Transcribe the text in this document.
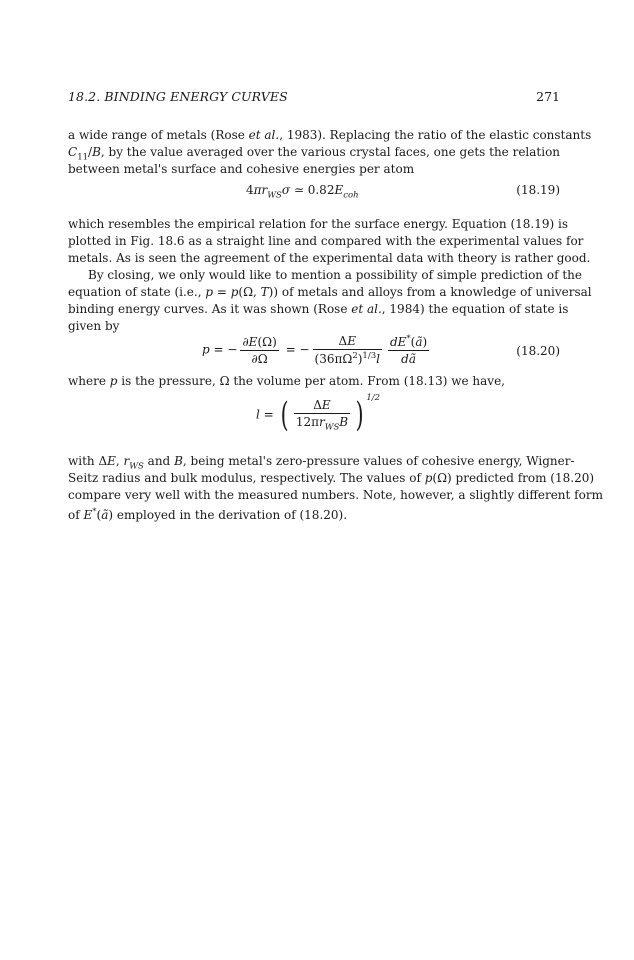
18.2. BINDING ENERGY CURVES	271
a wide range of metals (Rose et al., 1983). Replacing the ratio of the elastic constants
$C_{11}/B$, by the value averaged over the various crystal faces, one gets the relation
between metal's surface and cohesive energies per atom
$4\pi r_{WS}\sigma$ ≃ $0.82E_{coh}$	(18.19)
which resembles the empirical relation for the surface energy. Equation (18.19) is
plotted in Fig. 18.6 as a straight line and compared with the experimental values for
metals. As is seen the agreement of the experimental data with theory is rather good.
By closing, we only would like to mention a possibility of simple prediction of the
equation of state (i.e., p = p(Ω, T)) of metals and alloys from a knowledge of universal
binding energy curves. As it was shown (Rose et al., 1984) the equation of state is
given by
p = − $\frac{\partial E(\Omega)}{\partial\Omega}$ = − $\frac{\Delta E}{(36\pi\Omega^2)^{1/3}l} \frac{dE^*(ã)}{dã}$	(18.20)
where p is the pressure, Ω the volume per atom. From (18.13) we have,
l = ( $\frac{\Delta E}{12\pi r_{WS}B}$ ) $^{1/2}$
with ΔE, $r_{WS}$ and B, being metal's zero-pressure values of cohesive energy, Wigner-
Seitz radius and bulk modulus, respectively. The values of p(Ω) predicted from (18.20)
compare very well with the measured numbers. Note, however, a slightly different form
of E*(ã) employed in the derivation of (18.20).
